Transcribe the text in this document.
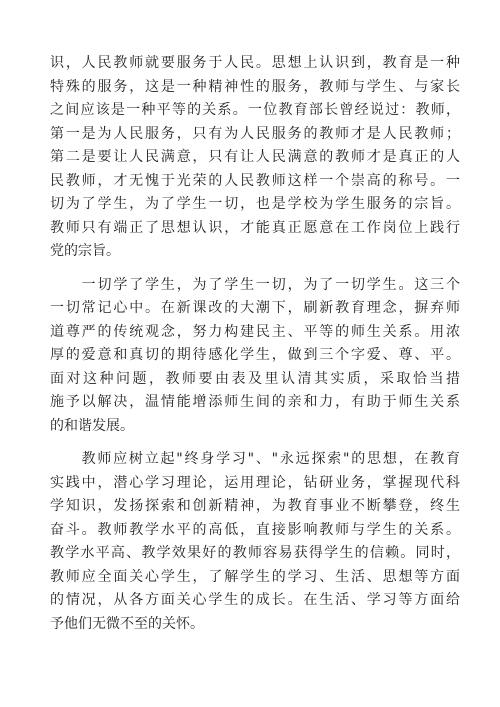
识，人民教师就要服务于人民。思想上认识到，教育是一种
特殊的服务，这是一种精神性的服务，教师与学生、与家长
之间应该是一种平等的关系。一位教育部长曾经说过：教师，
第一是为人民服务，只有为人民服务的教师才是人民教师；
第二是要让人民满意，只有让人民满意的教师才是真正的人
民教师，才无愧于光荣的人民教师这样一个崇高的称号。一
切为了学生，为了学生一切，也是学校为学生服务的宗旨。
教师只有端正了思想认识，才能真正愿意在工作岗位上践行
党的宗旨。
　　一切学了学生，为了学生一切，为了一切学生。这三个
一切常记心中。在新课改的大潮下，刷新教育理念，摒弃师
道尊严的传统观念，努力构建民主、平等的师生关系。用浓
厚的爱意和真切的期待感化学生，做到三个字爱、尊、平。
面对这种问题，教师要由表及里认清其实质，采取恰当措
施予以解决，温情能增添师生间的亲和力，有助于师生关系
的和谐发展。
　　教师应树立起"终身学习"、"永远探索"的思想，在教育
实践中，潜心学习理论，运用理论，钻研业务，掌握现代科
学知识，发扬探索和创新精神，为教育事业不断攀登，终生
奋斗。教师教学水平的高低，直接影响教师与学生的关系。
教学水平高、教学效果好的教师容易获得学生的信赖。同时，
教师应全面关心学生，了解学生的学习、生活、思想等方面
的情况，从各方面关心学生的成长。在生活、学习等方面给
予他们无微不至的关怀。
